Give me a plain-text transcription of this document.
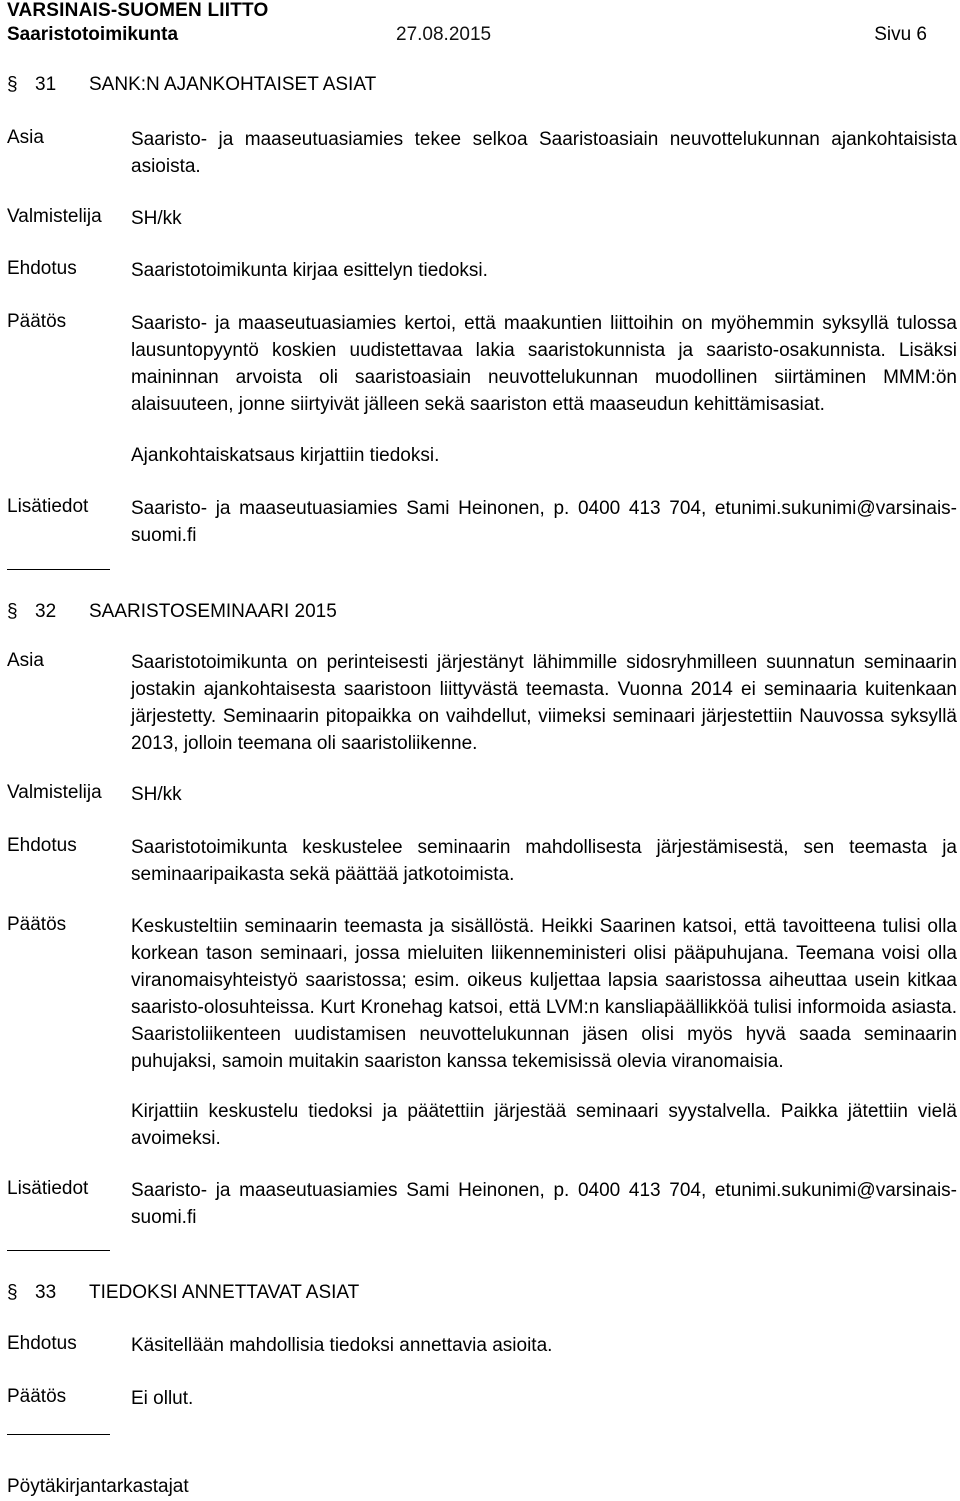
VARSINAIS-SUOMEN LIITTO
Saaristotoimikunta	27.08.2015	Sivu 6
§ 31 SANK:N AJANKOHTAISET ASIAT
Asia	Saaristo- ja maaseutuasiamies tekee selkoa Saaristoasiain neuvottelukunnan ajankohtaisista asioista.
Valmistelija SH/kk
Ehdotus	Saaristotoimikunta kirjaa esittelyn tiedoksi.
Päätös	Saaristo- ja maaseutuasiamies kertoi, että maakuntien liittoihin on myöhemmin syksyllä tulossa lausuntopyyntö koskien uudistettavaa lakia saaristokunnista ja saaristo-osakunnista. Lisäksi maininnan arvoista oli saaristoasiain neuvottelukunnan muodollinen siirtäminen MMM:ön alaisuuteen, jonne siirtyivät jälleen sekä saariston että maaseudun kehittämisasiat.
Ajankohtaiskatsaus kirjattiin tiedoksi.
Lisätiedot Saaristo- ja maaseutuasiamies Sami Heinonen, p. 0400 413 704, etunimi.sukunimi@varsinais-suomi.fi
§ 32 SAARISTOSEMINAARI 2015
Asia	Saaristotoimikunta on perinteisesti järjestänyt lähimmille sidosryhmilleen suunnatun seminaarin jostakin ajankohtaisesta saaristoon liittyvästä teemasta. Vuonna 2014 ei seminaaria kuitenkaan järjestetty. Seminaarin pitopaikka on vaihdellut, viimeksi seminaari järjestettiin Nauvossa syksyllä 2013, jolloin teemana oli saaristoliikenne.
Valmistelija SH/kk
Ehdotus	Saaristotoimikunta keskustelee seminaarin mahdollisesta järjestämisestä, sen teemasta ja seminaaripaikasta sekä päättää jatkotoimista.
Päätös	Keskusteltiin seminaarin teemasta ja sisällöstä. Heikki Saarinen katsoi, että tavoitteena tulisi olla korkean tason seminaari, jossa mieluiten liikenneministeri olisi pääpuhujana. Teemana voisi olla viranomaisyhteistyö saaristossa; esim. oikeus kuljettaa lapsia saaristossa aiheuttaa usein kitkaa saaristo-olosuhteissa. Kurt Kronehag katsoi, että LVM:n kansliapäällikköä tulisi informoida asiasta. Saaristoliikenteen uudistamisen neuvottelukunnan jäsen olisi myös hyvä saada seminaarin puhujaksi, samoin muitakin saariston kanssa tekemisissä olevia viranomaisia.
Kirjattiin keskustelu tiedoksi ja päätettiin järjestää seminaari syystalvella. Paikka jätettiin vielä avoimeksi.
Lisätiedot Saaristo- ja maaseutuasiamies Sami Heinonen, p. 0400 413 704, etunimi.sukunimi@varsinais-suomi.fi
§ 33 TIEDOKSI ANNETTAVAT ASIAT
Ehdotus	Käsitellään mahdollisia tiedoksi annettavia asioita.
Päätös	Ei ollut.
Pöytäkirjantarkastajat
